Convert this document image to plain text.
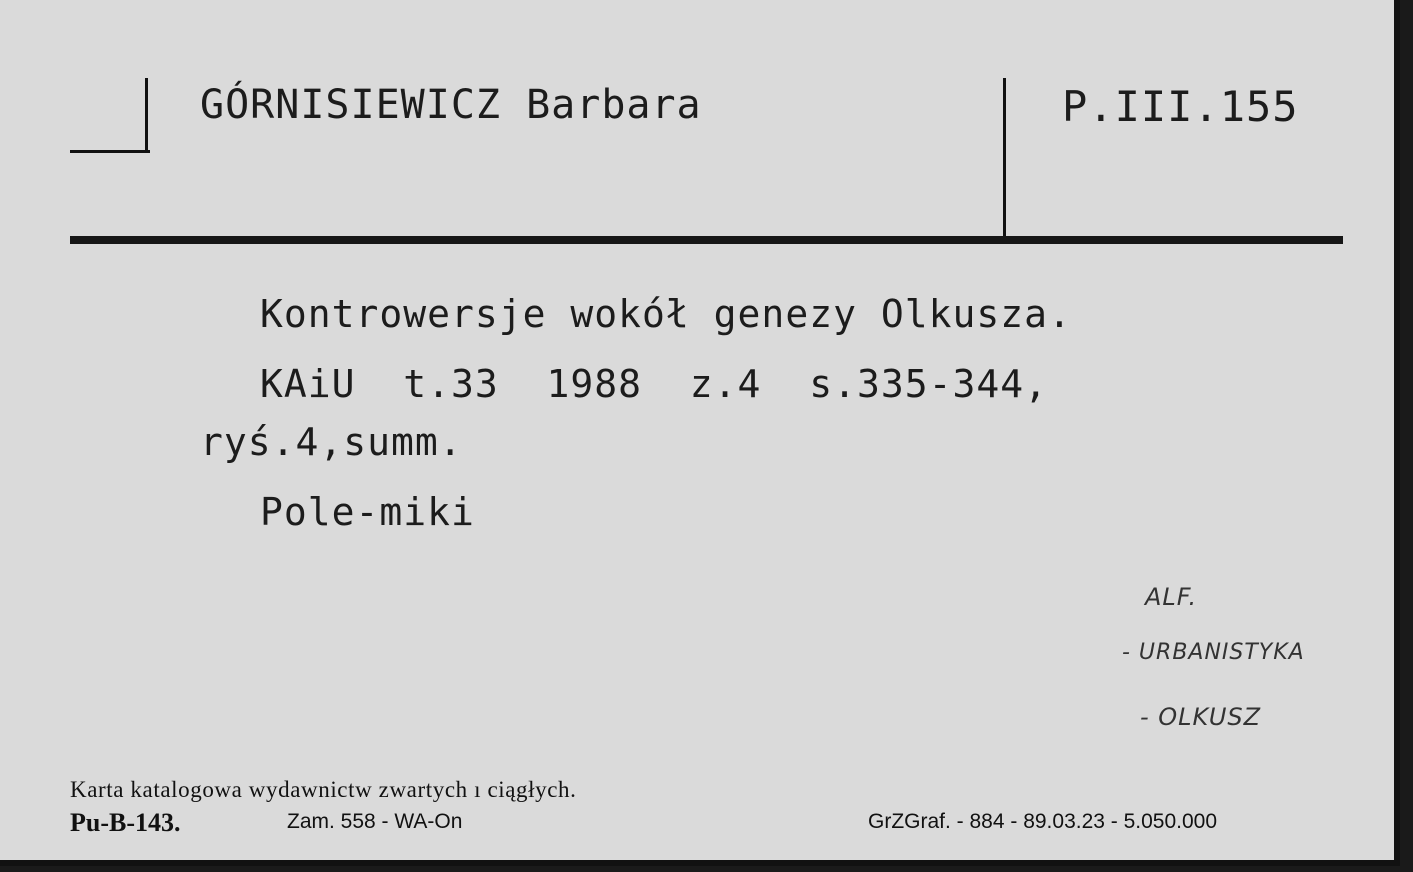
GÓRNISIEWICZ Barbara	P.III.155
Kontrowersje wokół genezy Olkusza.
KAiU  t.33  1988  z.4  s.335-344,
ryś.4,summ.
Pole-miki
ALF.
- URBANISTYKA
- OLKUSZ
Karta katalogowa wydawnictw zwartych ı ciągłych.
Pu-B-143.	Zam. 558 - WA-On	GrZGraf. - 884 - 89.03.23 - 5.050.000
